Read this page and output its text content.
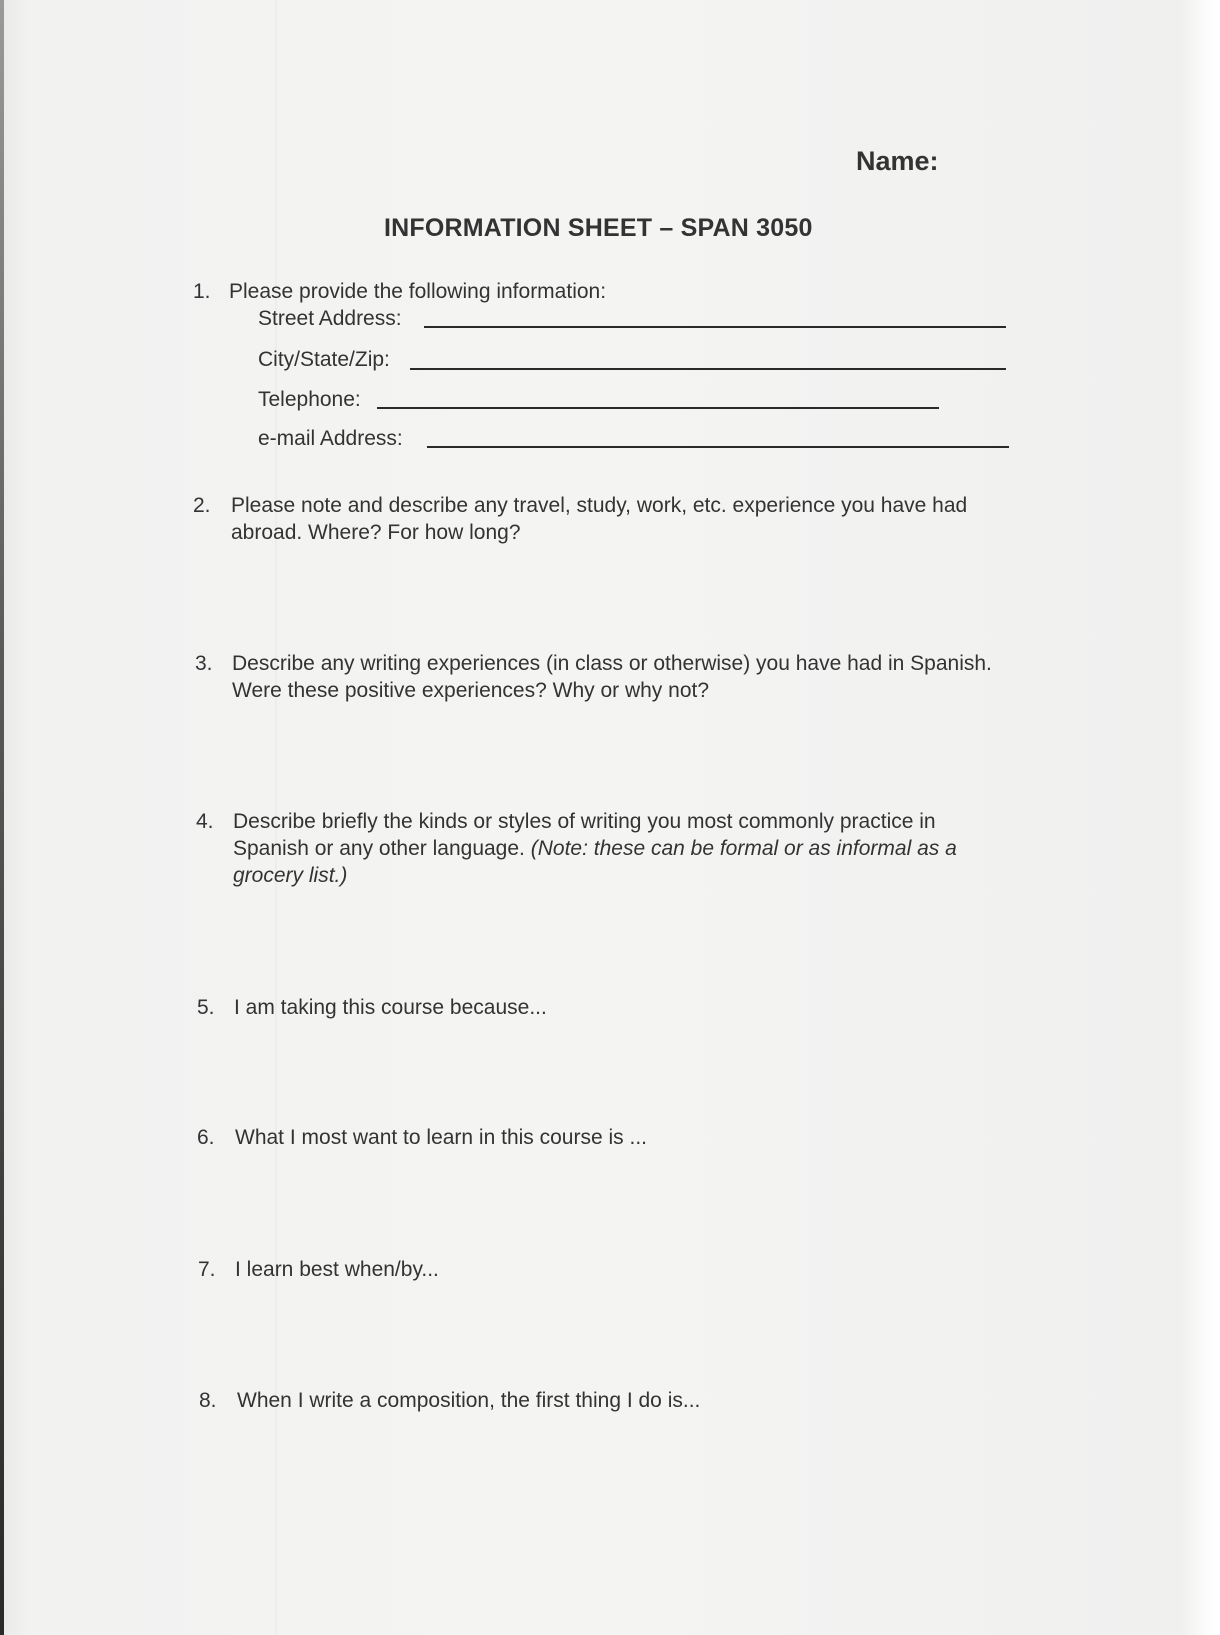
Name:
INFORMATION SHEET – SPAN 3050
1. Please provide the following information:
Street Address:
City/State/Zip:
Telephone:
e-mail Address:
2. Please note and describe any travel, study, work, etc. experience you have had
abroad. Where? For how long?
3. Describe any writing experiences (in class or otherwise) you have had in Spanish.
Were these positive experiences? Why or why not?
4. Describe briefly the kinds or styles of writing you most commonly practice in
Spanish or any other language. (Note: these can be formal or as informal as a
grocery list.)
5. I am taking this course because...
6. What I most want to learn in this course is ...
7. I learn best when/by...
8. When I write a composition, the first thing I do is...
